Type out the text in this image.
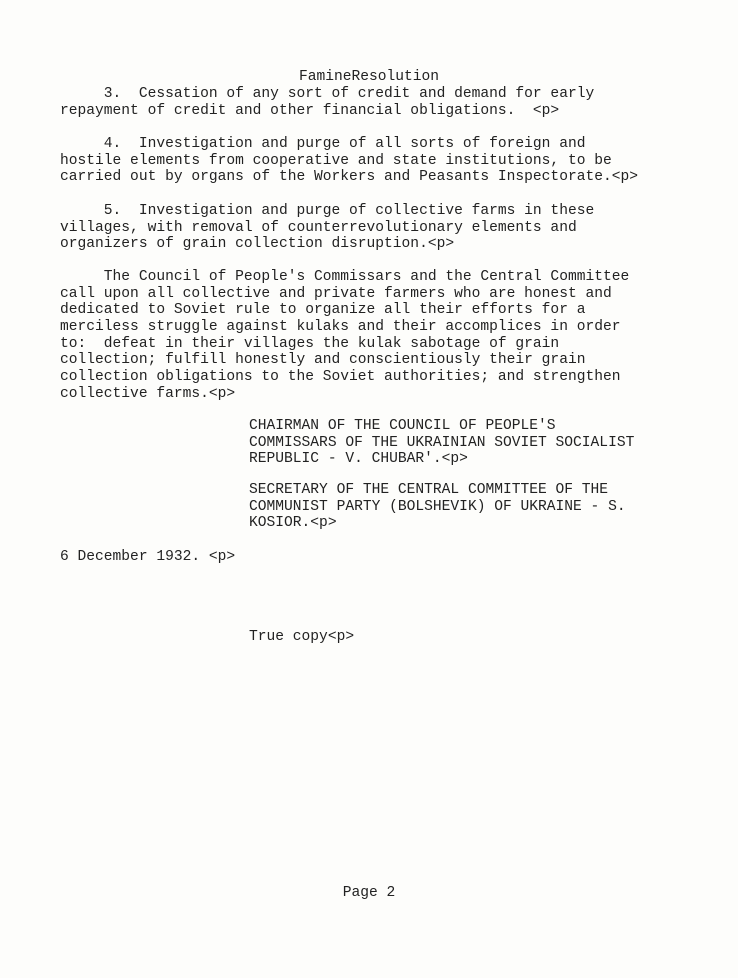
FamineResolution
3.  Cessation of any sort of credit and demand for early
repayment of credit and other financial obligations.  <p>
4.  Investigation and purge of all sorts of foreign and
hostile elements from cooperative and state institutions, to be
carried out by organs of the Workers and Peasants Inspectorate.<p>
5.  Investigation and purge of collective farms in these
villages, with removal of counterrevolutionary elements and
organizers of grain collection disruption.<p>
The Council of People's Commissars and the Central Committee
call upon all collective and private farmers who are honest and
dedicated to Soviet rule to organize all their efforts for a
merciless struggle against kulaks and their accomplices in order
to:  defeat in their villages the kulak sabotage of grain
collection; fulfill honestly and conscientiously their grain
collection obligations to the Soviet authorities; and strengthen
collective farms.<p>
CHAIRMAN OF THE COUNCIL OF PEOPLE'S
COMMISSARS OF THE UKRAINIAN SOVIET SOCIALIST
REPUBLIC - V. CHUBAR'.<p>
SECRETARY OF THE CENTRAL COMMITTEE OF THE
COMMUNIST PARTY (BOLSHEVIK) OF UKRAINE - S.
KOSIOR.<p>
6 December 1932. <p>
True copy<p>
Page 2
